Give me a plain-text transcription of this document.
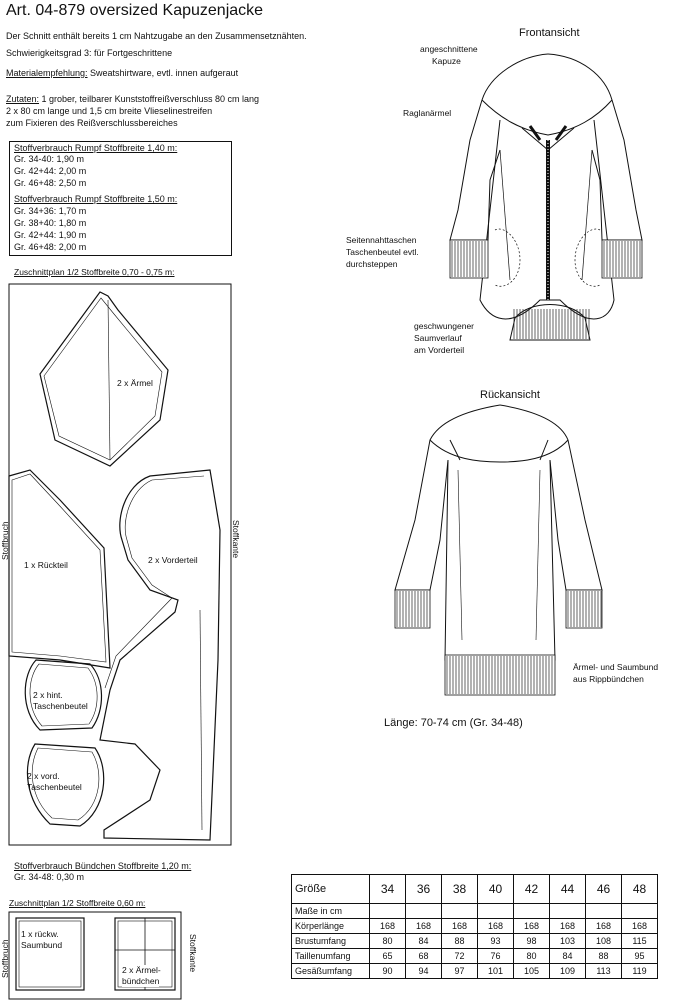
Art. 04-879 oversized Kapuzenjacke
Der Schnitt enthält bereits 1 cm Nahtzugabe an den Zusammensetznähten.
Schwierigkeitsgrad 3: für Fortgeschrittene
Materialempfehlung: Sweatshirtware, evtl. innen aufgeraut
Zutaten: 1 grober, teilbarer Kunststoffreißverschluss 80 cm lang
2 x 80 cm lange und 1,5 cm breite Vlieselinestreifen
zum Fixieren des Reißverschlussbereiches
Stoffverbrauch Rumpf Stoffbreite 1,40 m:
Gr. 34-40: 1,90 m
Gr. 42+44: 2,00 m
Gr. 46+48: 2,50 m
Stoffverbrauch Rumpf Stoffbreite 1,50 m:
Gr. 34+36: 1,70 m
Gr. 38+40: 1,80 m
Gr. 42+44: 1,90 m
Gr. 46+48: 2,00 m
Zuschnittplan 1/2 Stoffbreite 0,70 - 0,75 m:
Stoffbruch	Stoffkante
2 x Ärmel
1 x Rückteil	2 x Vorderteil
2 x hint.
Taschenbeutel
2 x vord.
Taschenbeutel
Stoffverbrauch Bündchen Stoffbreite 1,20 m:
Gr. 34-48: 0,30 m
Zuschnittplan 1/2 Stoffbreite 0,60 m:
Stoffbruch	Stoffkante
1 x rückw.
Saumbund
2 x Ärmel-
bündchen
Frontansicht
angeschnittene
Kapuze
Raglanärmel
Seitennahttaschen
Taschenbeutel evtl.
durchsteppen
geschwungener
Saumverlauf
am Vorderteil
Rückansicht
Ärmel- und Saumbund
aus Rippbündchen
Länge: 70-74 cm (Gr. 34-48)
Größe	34	36	38	40	42	44	46	48
Maße in cm								
Körperlänge	168	168	168	168	168	168	168	168
Brustumfang	80	84	88	93	98	103	108	115
Taillenumfang	65	68	72	76	80	84	88	95
Gesäßumfang	90	94	97	101	105	109	113	119
